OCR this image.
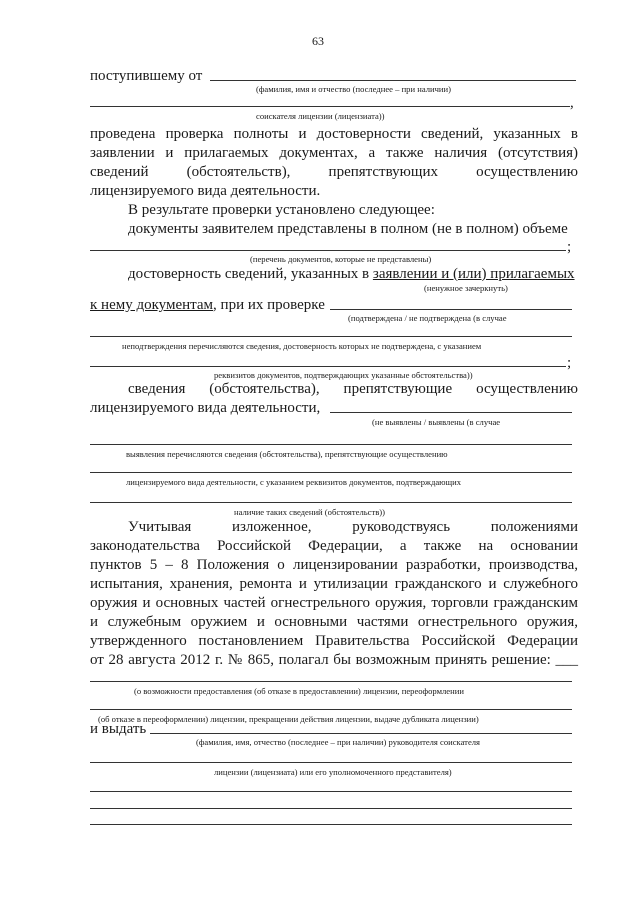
63
поступившему от
(фамилия, имя и отчество (последнее – при наличии)
,
соискателя лицензии (лицензиата))
проведена проверка полноты и достоверности сведений, указанных в
заявлении и прилагаемых документах, а также наличия (отсутствия)
сведений (обстоятельств), препятствующих осуществлению
лицензируемого вида деятельности.
В результате проверки установлено следующее:
документы заявителем представлены в полном (не в полном) объеме
;
(перечень документов, которые не представлены)
достоверность сведений, указанных в заявлении и (или) прилагаемых
(ненужное зачеркнуть)
к нему документам, при их проверке
(подтверждена / не подтверждена (в случае
неподтверждения перечисляются сведения, достоверность которых не подтверждена, с указанием
;
реквизитов документов, подтверждающих указанные обстоятельства))
сведения (обстоятельства), препятствующие осуществлению
лицензируемого вида деятельности,
(не выявлены / выявлены (в случае
выявления перечисляются сведения (обстоятельства), препятствующие осуществлению
лицензируемого вида деятельности, с указанием реквизитов документов, подтверждающих
наличие таких сведений (обстоятельств))
Учитывая изложенное, руководствуясь положениями
законодательства Российской Федерации, а также на основании
пунктов 5 – 8 Положения о лицензировании разработки, производства,
испытания, хранения, ремонта и утилизации гражданского и служебного
оружия и основных частей огнестрельного оружия, торговли гражданским
и служебным оружием и основными частями огнестрельного оружия,
утвержденного постановлением Правительства Российской Федерации
от 28 августа 2012 г. № 865, полагал бы возможным принять решение: ___
(о возможности предоставления (об отказе в предоставлении) лицензии, переоформлении
(об отказе в переоформлении) лицензии, прекращении действия лицензии, выдаче дубликата лицензии)
и выдать
(фамилия, имя, отчество (последнее – при наличии) руководителя соискателя
лицензии (лицензиата) или его уполномоченного представителя)
